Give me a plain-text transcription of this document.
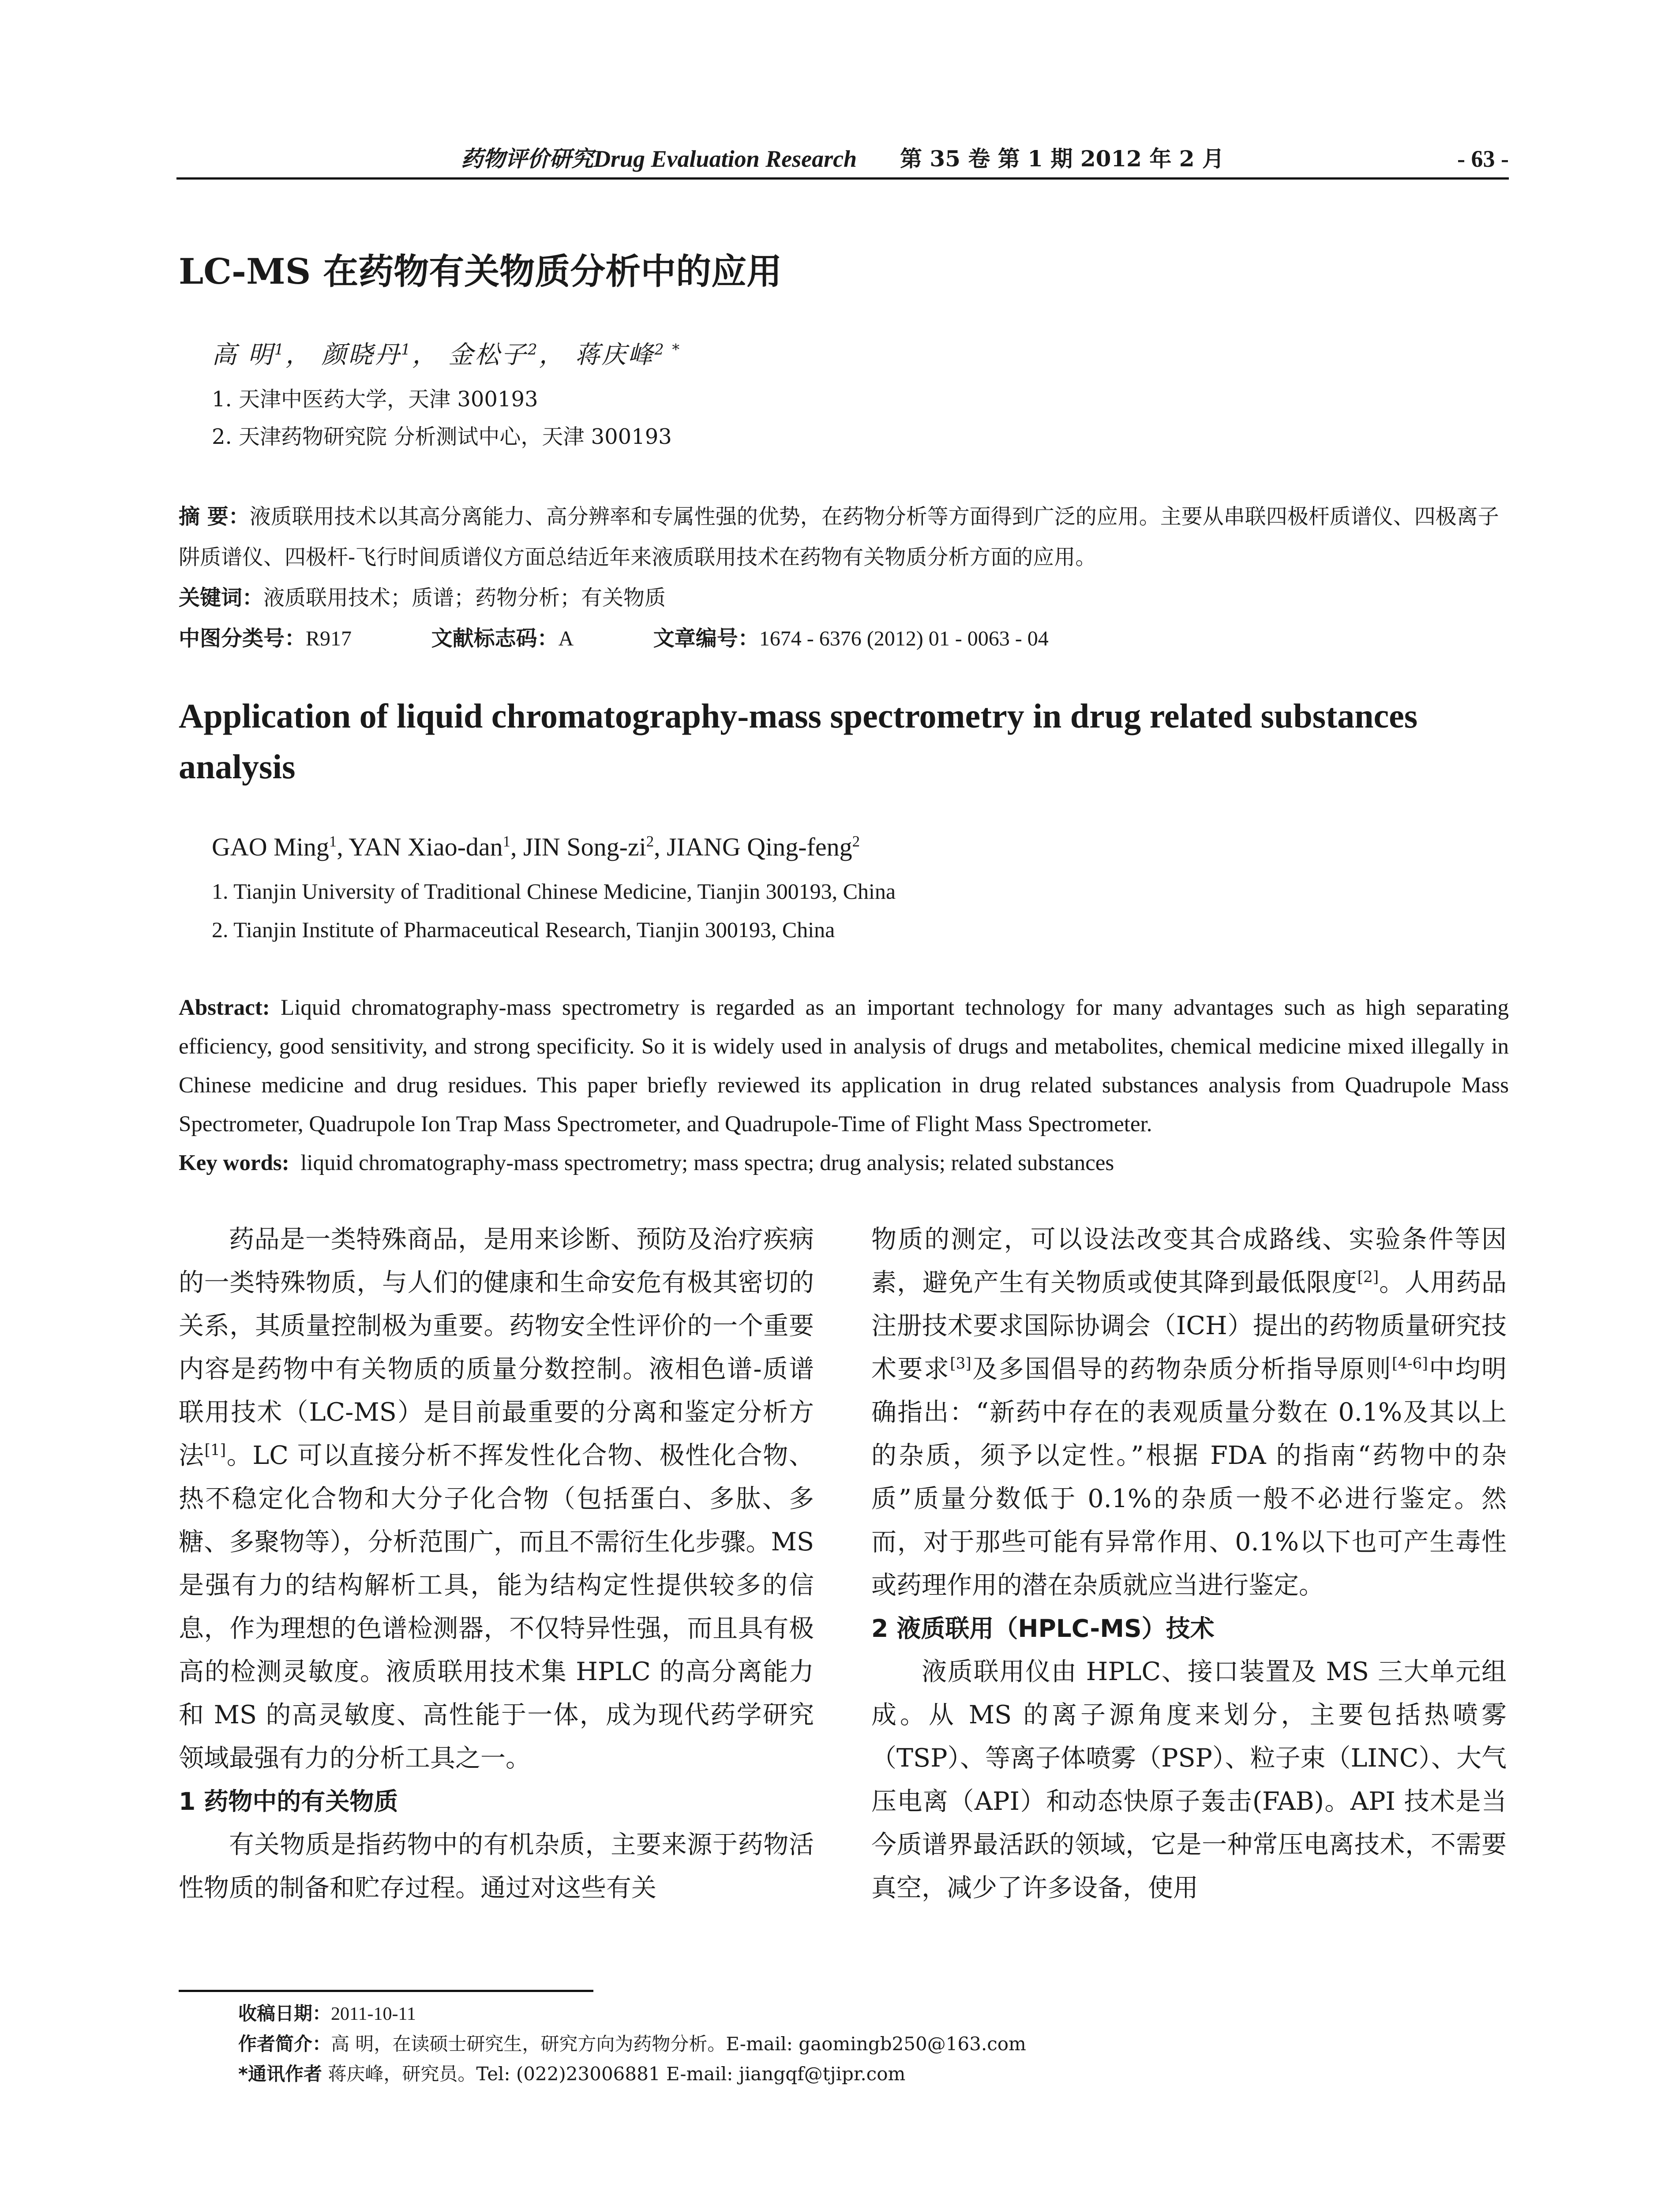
药物评价研究 Drug Evaluation Research 第 35 卷 第 1 期 2012 年 2 月	- 63 -
LC-MS 在药物有关物质分析中的应用
高 明$^1$， 颜晓丹$^1$， 金松子$^2$， 蒋庆峰$^{2 *}$
1. 天津中医药大学，天津 300193
2. 天津药物研究院 分析测试中心，天津 300193
摘 要：液质联用技术以其高分离能力、高分辨率和专属性强的优势，在药物分析等方面得到广泛的应用。主要从串联四极杆质谱仪、四极离子阱质谱仪、四极杆-飞行时间质谱仪方面总结近年来液质联用技术在药物有关物质分析方面的应用。
关键词：液质联用技术；质谱；药物分析；有关物质
中图分类号：R917	文献标志码：A	文章编号：1674 - 6376 (2012) 01 - 0063 - 04
Application of liquid chromatography-mass spectrometry in drug related substances analysis
GAO Ming$^1$, YAN Xiao-dan$^1$, JIN Song-$zi^2$, JIANG Qing-feng$^2$
1. Tianjin University of Traditional Chinese Medicine, Tianjin 300193, China
2. Tianjin Institute of Pharmaceutical Research, Tianjin 300193, China
Abstract: Liquid chromatography-mass spectrometry is regarded as an important technology for many advantages such as high separating efficiency, good sensitivity, and strong specificity. So it is widely used in analysis of drugs and metabolites, chemical medicine mixed illegally in Chinese medicine and drug residues. This paper briefly reviewed its application in drug related substances analysis from Quadrupole Mass Spectrometer, Quadrupole Ion Trap Mass Spectrometer, and Quadrupole-Time of Flight Mass Spectrometer.
Key words: liquid chromatography-mass spectrometry; mass spectra; drug analysis; related substances

药品是一类特殊商品，是用来诊断、预防及治疗疾病的一类特殊物质，与人们的健康和生命安危有极其密切的关系，其质量控制极为重要。药物安全性评价的一个重要内容是药物中有关物质的质量分数控制。液相色谱-质谱联用技术（LC-MS）是目前最重要的分离和鉴定分析方法[1]。LC 可以直接分析不挥发性化合物、极性化合物、热不稳定化合物和大分子化合物（包括蛋白、多肽、多糖、多聚物等），分析范围广，而且不需衍生化步骤。MS 是强有力的结构解析工具，能为结构定性提供较多的信息，作为理想的色谱检测器，不仅特异性强，而且具有极高的检测灵敏度。液质联用技术集 HPLC 的高分离能力和 MS 的高灵敏度、高性能于一体，成为现代药学研究领域最强有力的分析工具之一。

1 药物中的有关物质

有关物质是指药物中的有机杂质，主要来源于药物活性物质的制备和贮存过程。通过对这些有关

物质的测定，可以设法改变其合成路线、实验条件等因素，避免产生有关物质或使其降到最低限度[2]。人用药品注册技术要求国际协调会（ICH）提出的药物质量研究技术要求[3]及多国倡导的药物杂质分析指导原则[4-6]中均明确指出：“新药中存在的表观质量分数在 0.1%及其以上的杂质，须予以定性。”根据 FDA 的指南“药物中的杂质”质量分数低于 0.1%的杂质一般不必进行鉴定。然而，对于那些可能有异常作用、0.1%以下也可产生毒性或药理作用的潜在杂质就应当进行鉴定。

2 液质联用（HPLC-MS）技术

液质联用仪由 HPLC、接口装置及 MS 三大单元组成。从 MS 的离子源角度来划分，主要包括热喷雾（TSP）、等离子体喷雾（PSP）、粒子束（LINC）、大气压电离（API）和动态快原子轰击(FAB)。API 技术是当今质谱界最活跃的领域，它是一种常压电离技术，不需要真空，减少了许多设备，使用

收稿日期：2011-10-11
作者简介：高 明，在读硕士研究生，研究方向为药物分析。E-mail: gaomingb250@163.com
*通讯作者 蒋庆峰，研究员。Tel: (022)23006881 E-mail: jiangqf@tjipr.com
